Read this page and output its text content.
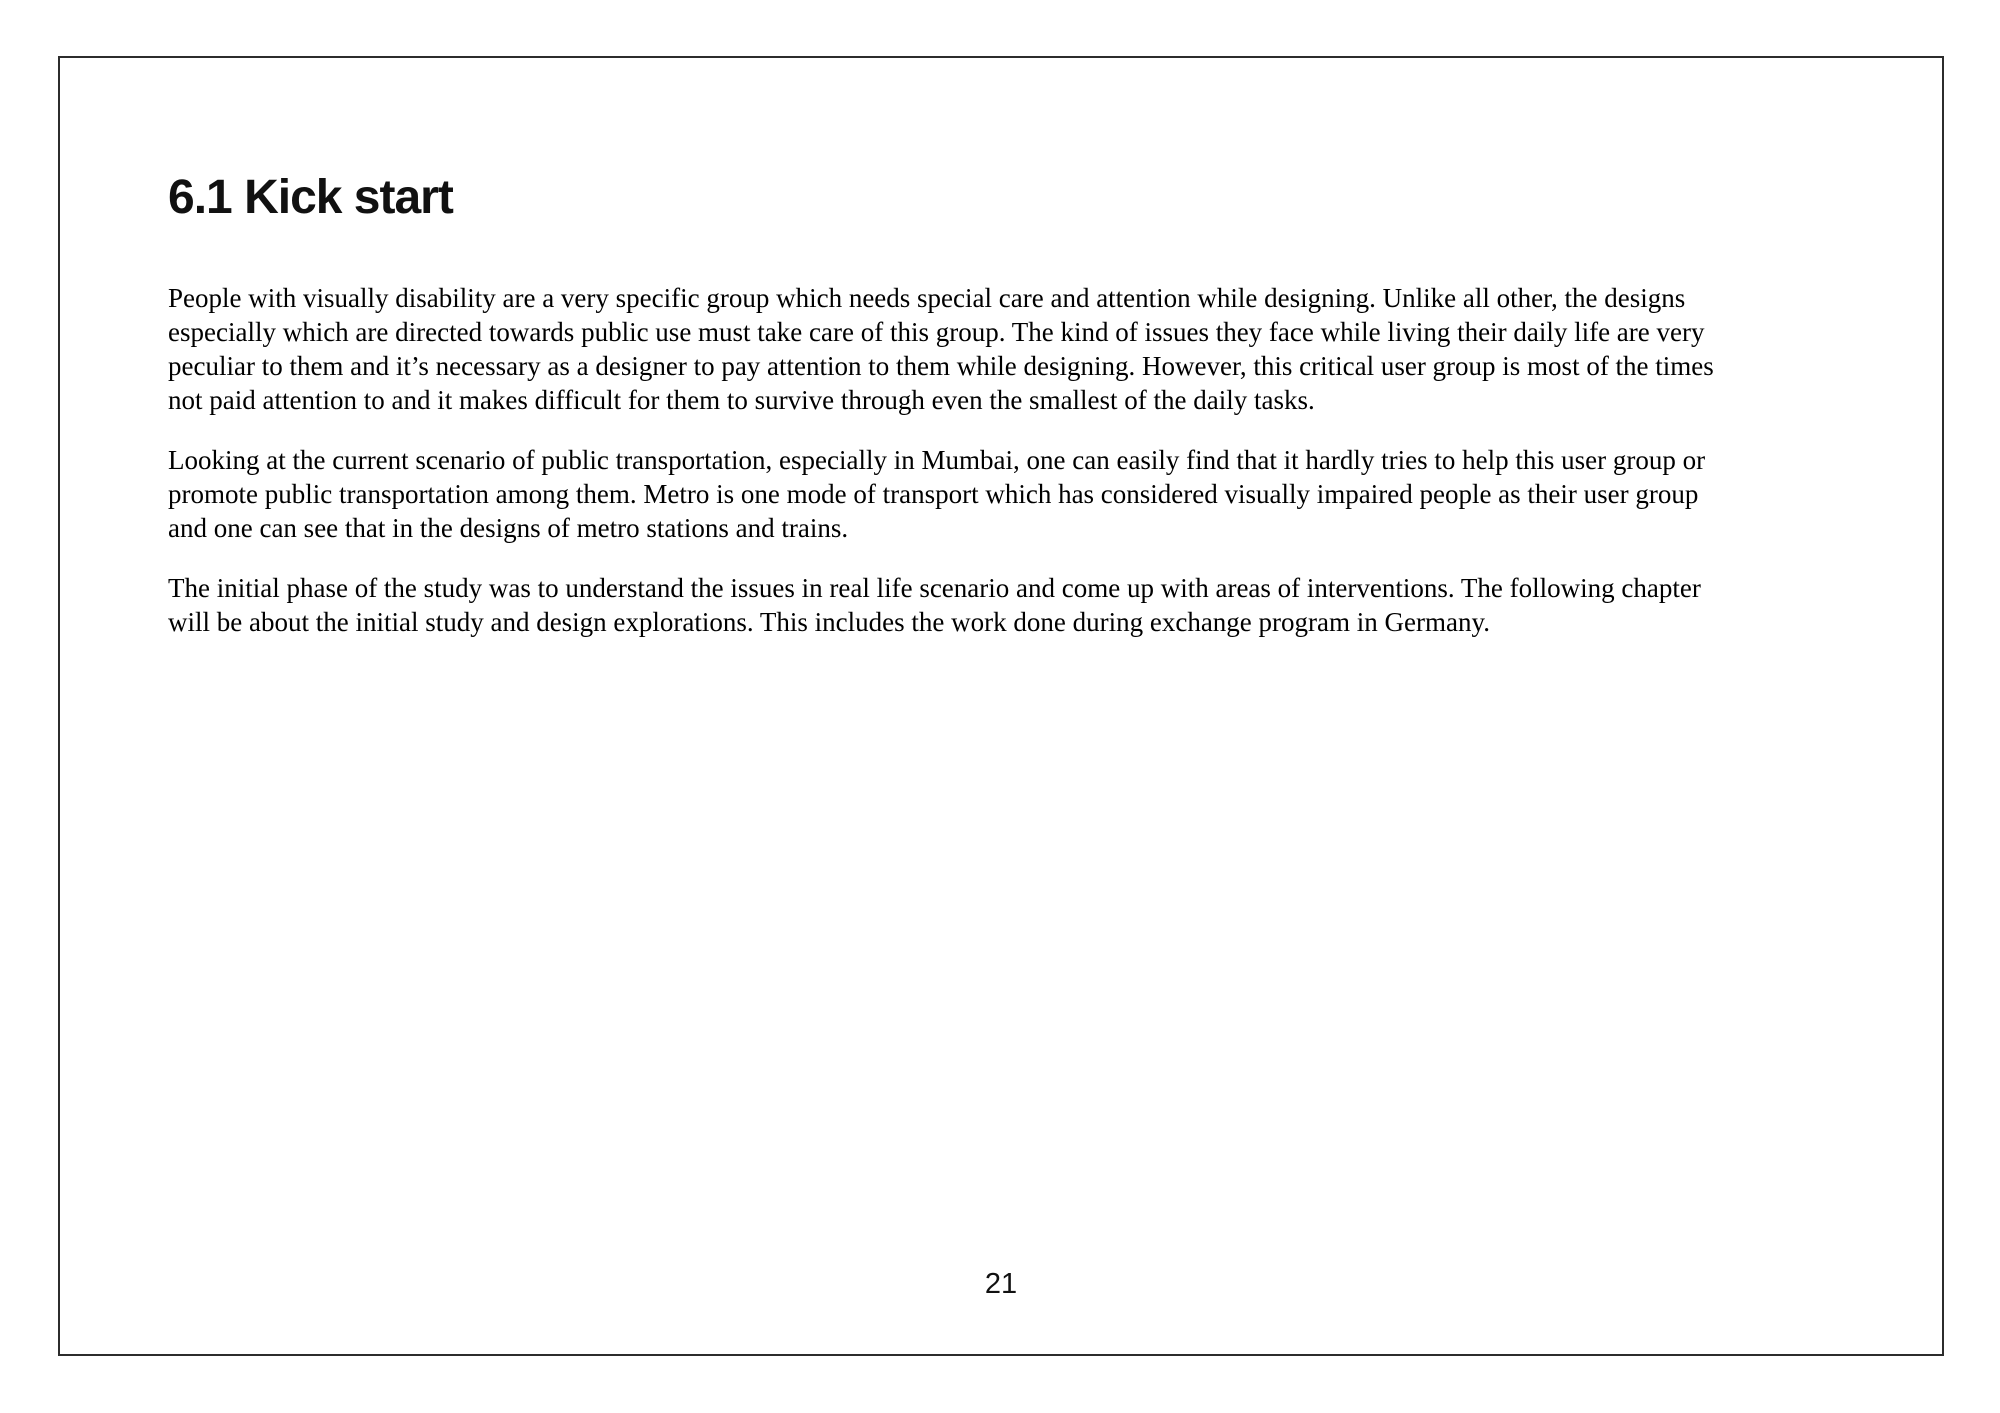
6.1 Kick start
People with visually disability are a very specific group which needs special care and attention while designing. Unlike all other, the designs
especially which are directed towards public use must take care of this group. The kind of issues they face while living their daily life are very
peculiar to them and it’s necessary as a designer to pay attention to them while designing. However, this critical user group is most of the times
not paid attention to and it makes difficult for them to survive through even the smallest of the daily tasks.
Looking at the current scenario of public transportation, especially in Mumbai, one can easily find that it hardly tries to help this user group or
promote public transportation among them. Metro is one mode of transport which has considered visually impaired people as their user group
and one can see that in the designs of metro stations and trains.
The initial phase of the study was to understand the issues in real life scenario and come up with areas of interventions. The following chapter
will be about the initial study and design explorations. This includes the work done during exchange program in Germany.
21
